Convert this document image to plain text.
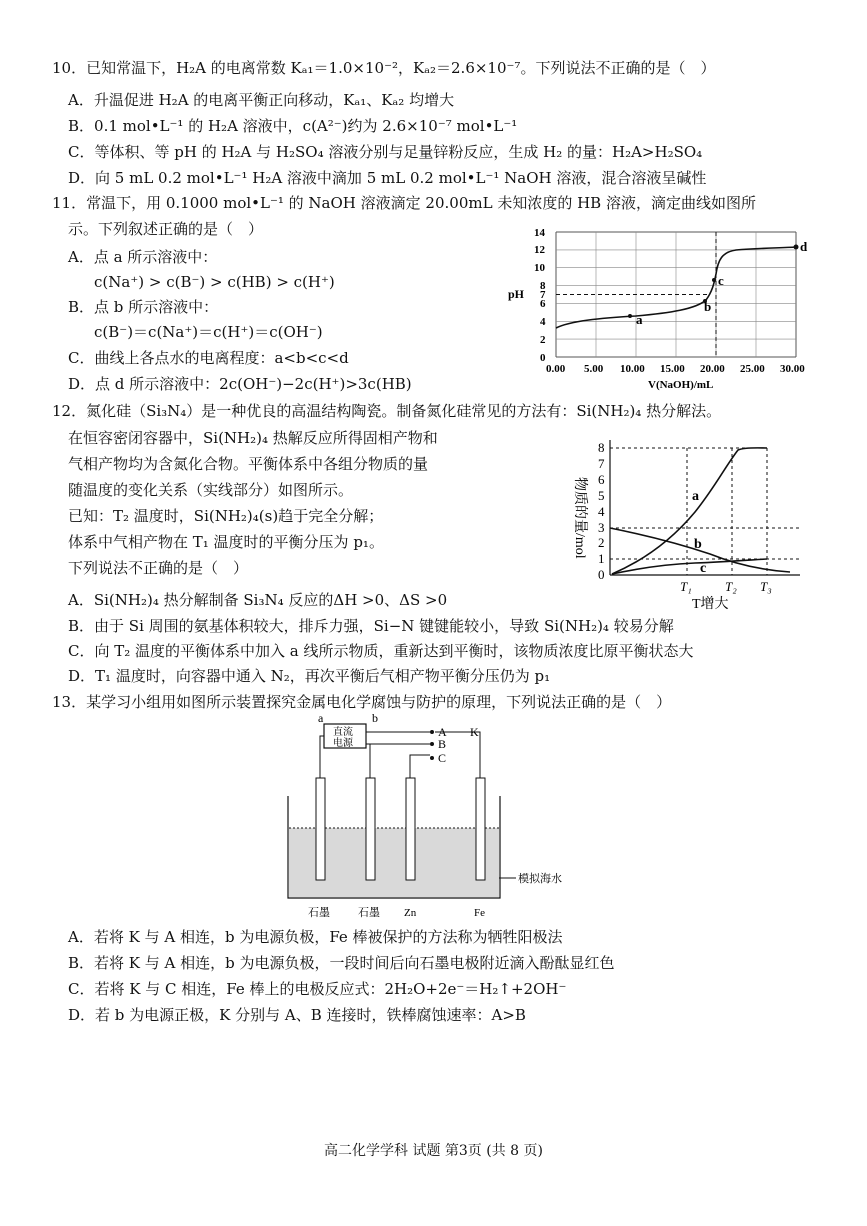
10．已知常温下，H₂A 的电离常数 Kₐ₁＝1.0×10⁻²，Kₐ₂＝2.6×10⁻⁷。下列说法不正确的是（　）
A．升温促进 H₂A 的电离平衡正向移动，Kₐ₁、Kₐ₂ 均增大
B．0.1 mol•L⁻¹ 的 H₂A 溶液中，c(A²⁻)约为 2.6×10⁻⁷ mol•L⁻¹
C．等体积、等 pH 的 H₂A 与 H₂SO₄ 溶液分别与足量锌粉反应，生成 H₂ 的量：H₂A>H₂SO₄
D．向 5 mL 0.2 mol•L⁻¹ H₂A 溶液中滴加 5 mL 0.2 mol•L⁻¹ NaOH 溶液，混合溶液呈碱性
11．常温下，用 0.1000 mol•L⁻¹ 的 NaOH 溶液滴定 20.00mL 未知浓度的 HB 溶液，滴定曲线如图所
示。下列叙述正确的是（　）
A．点 a 所示溶液中：
c(Na⁺) > c(B⁻) > c(HB) > c(H⁺)
B．点 b 所示溶液中：
c(B⁻)＝c(Na⁺)＝c(H⁺)＝c(OH⁻)
C．曲线上各点水的电离程度：a<b<c<d
D．点 d 所示溶液中：2c(OH⁻)−2c(H⁺)>3c(HB)
pH
0
2
4
6
7
8
10
12
14
0.00 5.00 10.00 15.00 20.00 25.00 30.00
V(NaOH)/mL
a
b
c
d
12．氮化硅（Si₃N₄）是一种优良的高温结构陶瓷。制备氮化硅常见的方法有：Si(NH₂)₄ 热分解法。
在恒容密闭容器中，Si(NH₂)₄ 热解反应所得固相产物和
气相产物均为含氮化合物。平衡体系中各组分物质的量
随温度的变化关系（实线部分）如图所示。
已知：T₂ 温度时，Si(NH₂)₄(s)趋于完全分解；
体系中气相产物在 T₁ 温度时的平衡分压为 p₁。
下列说法不正确的是（　）
A．Si(NH₂)₄ 热分解制备 Si₃N₄ 反应的ΔH >0、ΔS >0
B．由于 Si 周围的氨基体积较大，排斥力强，Si−N 键键能较小，导致 Si(NH₂)₄ 较易分解
C．向 T₂ 温度的平衡体系中加入 a 线所示物质，重新达到平衡时，该物质浓度比原平衡状态大
D．T₁ 温度时，向容器中通入 N₂，再次平衡后气相产物平衡分压仍为 p₁
物质的量/mol
0
1
2
3
4
5
6
7
8
a
b
c
T₁	T₂ T₃
T增大
13．某学习小组用如图所示装置探究金属电化学腐蚀与防护的原理，下列说法正确的是（　）
直流
电源
a	b
A
B
C
K
模拟海水
石墨	石墨 Zn	Fe
A．若将 K 与 A 相连，b 为电源负极，Fe 棒被保护的方法称为牺牲阳极法
B．若将 K 与 A 相连，b 为电源负极，一段时间后向石墨电极附近滴入酚酞显红色
C．若将 K 与 C 相连，Fe 棒上的电极反应式：2H₂O+2e⁻＝H₂↑+2OH⁻
D．若 b 为电源正极，K 分别与 A、B 连接时，铁棒腐蚀速率：A>B
高二化学学科 试题 第3页 (共 8 页)
